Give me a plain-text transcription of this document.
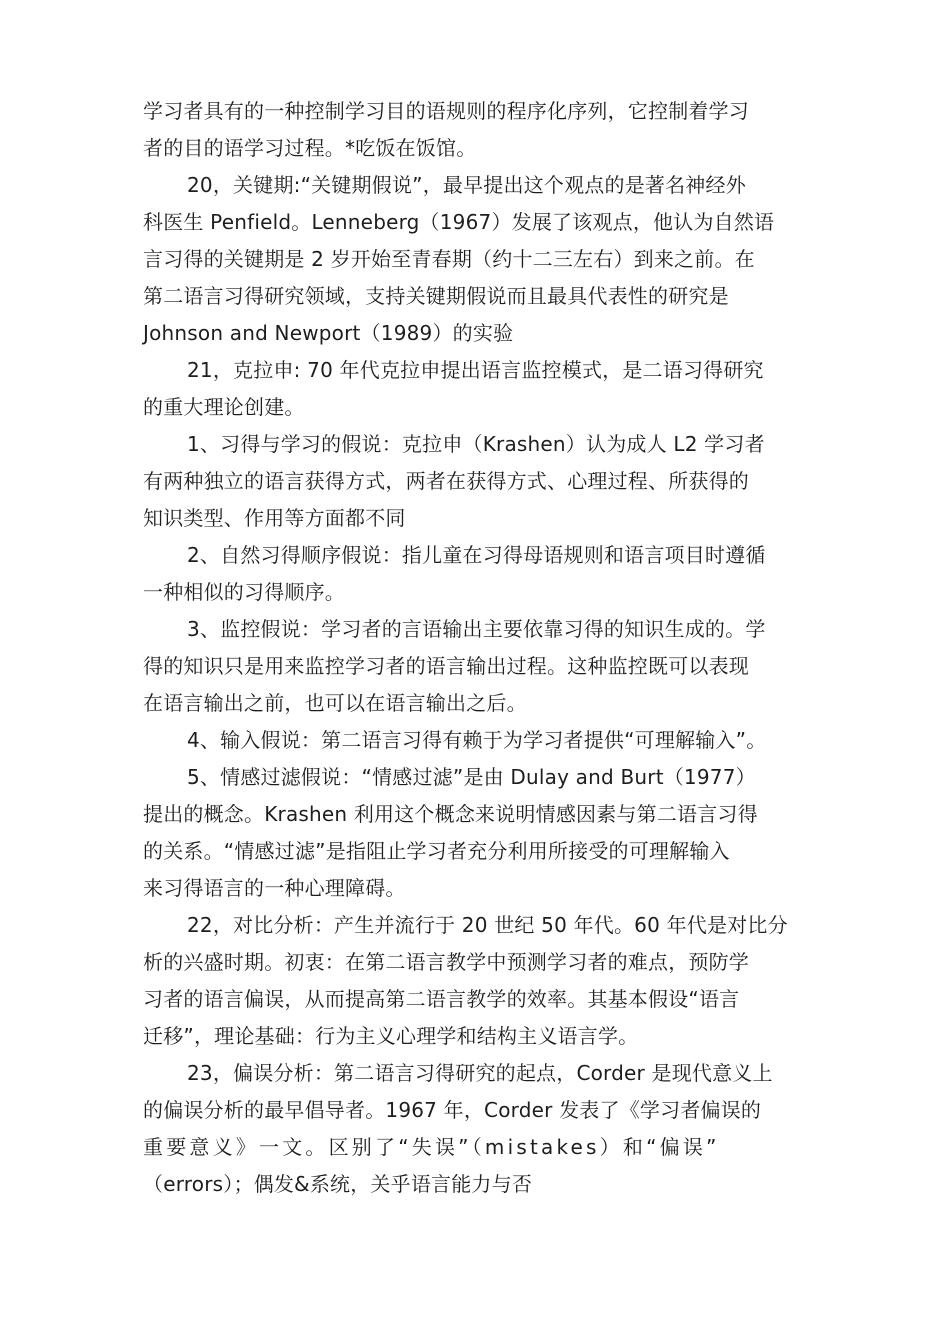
学习者具有的一种控制学习目的语规则的程序化序列，它控制着学习
者的目的语学习过程。*吃饭在饭馆。
20，关键期:“关键期假说”，最早提出这个观点的是著名神经外
科医生 Penfield。Lenneberg（1967）发展了该观点，他认为自然语
言习得的关键期是 2 岁开始至青春期（约十二三左右）到来之前。在
第二语言习得研究领域，支持关键期假说而且最具代表性的研究是
Johnson and Newport（1989）的实验
21，克拉申: 70 年代克拉申提出语言监控模式，是二语习得研究
的重大理论创建。
1、习得与学习的假说：克拉申（Krashen）认为成人 L2 学习者
有两种独立的语言获得方式，两者在获得方式、心理过程、所获得的
知识类型、作用等方面都不同
2、自然习得顺序假说：指儿童在习得母语规则和语言项目时遵循
一种相似的习得顺序。
3、监控假说：学习者的言语输出主要依靠习得的知识生成的。学
得的知识只是用来监控学习者的语言输出过程。这种监控既可以表现
在语言输出之前，也可以在语言输出之后。
4、输入假说：第二语言习得有赖于为学习者提供“可理解输入”。
5、情感过滤假说：“情感过滤”是由 Dulay and Burt（1977）
提出的概念。Krashen 利用这个概念来说明情感因素与第二语言习得
的关系。“情感过滤”是指阻止学习者充分利用所接受的可理解输入
来习得语言的一种心理障碍。
22，对比分析：产生并流行于 20 世纪 50 年代。60 年代是对比分
析的兴盛时期。初衷：在第二语言教学中预测学习者的难点，预防学
习者的语言偏误，从而提高第二语言教学的效率。其基本假设“语言
迁移”，理论基础：行为主义心理学和结构主义语言学。
23，偏误分析：第二语言习得研究的起点，Corder 是现代意义上
的偏误分析的最早倡导者。1967 年，Corder 发表了《学习者偏误的
重要意义》一文。区别了“失误”（mistakes）和“偏误”
（errors）；偶发&系统，关乎语言能力与否
